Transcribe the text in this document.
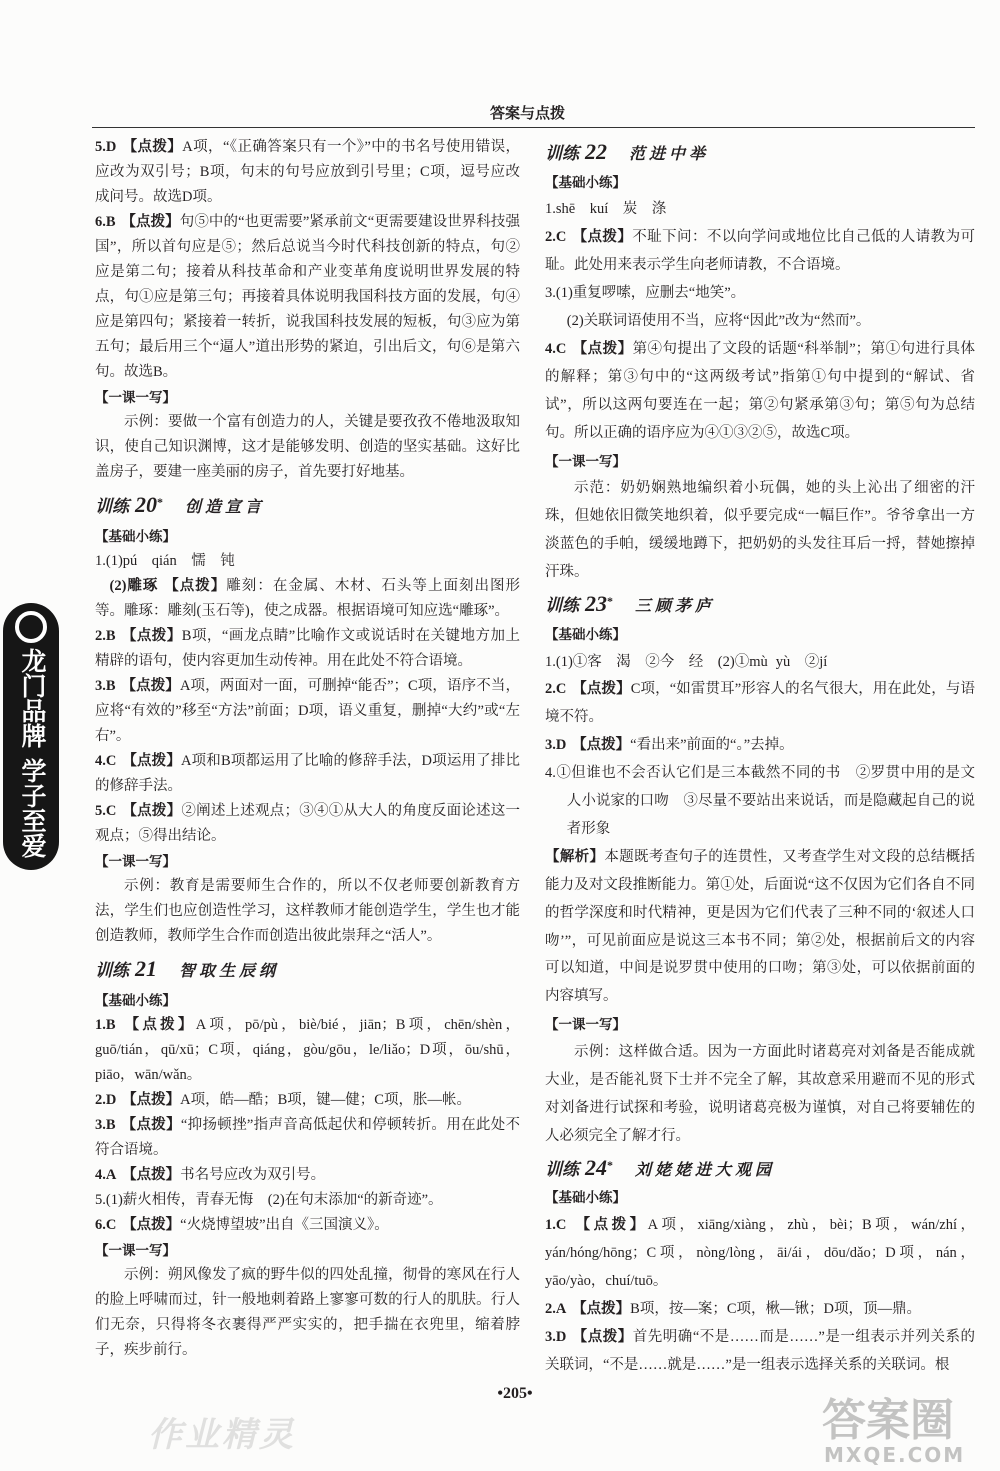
答案与点拨

5.D 【点拨】A项，“《正确答案只有一个》”中的书名号使用错误，应改为双引号；B项，句末的句号应放到引号里；C项，逗号应改成问号。故选D项。

6.B 【点拨】句⑤中的“也更需要”紧承前文“更需要建设世界科技强国”，所以首句应是⑤；然后总说当今时代科技创新的特点，句②应是第二句；接着从科技革命和产业变革角度说明世界发展的特点，句①应是第三句；再接着具体说明我国科技方面的发展，句④应是第四句；紧接着一转折，说我国科技发展的短板，句③应为第五句；最后用三个“逼人”道出形势的紧迫，引出后文，句⑥是第六句。故选B。

【一课一写】

示例：要做一个富有创造力的人，关键是要孜孜不倦地汲取知识，使自己知识渊博，这才是能够发明、创造的坚实基础。这好比盖房子，要建一座美丽的房子，首先要打好地基。

训练 20* 创造宣言

【基础小练】

1.(1)pú　qián　懦　钝

(2)雕琢 【点拨】雕刻：在金属、木材、石头等上面刻出图形等。雕琢：雕刻(玉石等)，使之成器。根据语境可知应选“雕琢”。

2.B 【点拨】B项，“画龙点睛”比喻作文或说话时在关键地方加上精辟的语句，使内容更加生动传神。用在此处不符合语境。

3.B 【点拨】A项，两面对一面，可删掉“能否”；C项，语序不当，应将“有效的”移至“方法”前面；D项，语义重复，删掉“大约”或“左右”。

4.C 【点拨】A项和B项都运用了比喻的修辞手法，D项运用了排比的修辞手法。

5.C 【点拨】②阐述上述观点；③④①从大人的角度反面论述这一观点；⑤得出结论。

【一课一写】

示例：教育是需要师生合作的，所以不仅老师要创新教育方法，学生们也应创造性学习，这样教师才能创造学生，学生也才能创造教师，教师学生合作而创造出彼此崇拜之“活人”。

训练 21 智取生辰纲

【基础小练】

1.B 【点拨】A项，pō/pù，biè/bié，jiān；B项，chēn/shèn，guō/tián，qū/xū；C项，qiáng，gòu/gōu，le/liǎo；D项，ōu/shū，piāo，wān/wǎn。

2.D 【点拨】A项，皓—酷；B项，键—健；C项，胀—帐。

3.B 【点拨】“抑扬顿挫”指声音高低起伏和停顿转折。用在此处不符合语境。

4.A 【点拨】书名号应改为双引号。

5.(1)薪火相传，青春无悔　(2)在句末添加“的新奇迹”。

6.C 【点拨】“火烧博望坡”出自《三国演义》。

【一课一写】

示例：朔风像发了疯的野牛似的四处乱撞，彻骨的寒风在行人的脸上呼啸而过，针一般地刺着路上寥寥可数的行人的肌肤。行人们无奈，只得将冬衣裹得严严实实的，把手揣在衣兜里，缩着脖子，疾步前行。

训练 22 范进中举

【基础小练】

1.shē　kuí　炭　涤

2.C 【点拨】不耻下问：不以向学问或地位比自己低的人请教为可耻。此处用来表示学生向老师请教，不合语境。

3.(1)重复啰嗦，应删去“地笑”。

(2)关联词语使用不当，应将“因此”改为“然而”。

4.C 【点拨】第④句提出了文段的话题“科举制”；第①句进行具体的解释；第③句中的“这两级考试”指第①句中提到的“解试、省试”，所以这两句要连在一起；第②句紧承第③句；第⑤句为总结句。所以正确的语序应为④①③②⑤，故选C项。

【一课一写】

示范：奶奶娴熟地编织着小玩偶，她的头上沁出了细密的汗珠，但她依旧微笑地织着，似乎要完成“一幅巨作”。爷爷拿出一方淡蓝色的手帕，缓缓地蹲下，把奶奶的头发往耳后一捋，替她擦掉汗珠。

训练 23* 三顾茅庐

【基础小练】

1.(1)①客　渴　②今　经　(2)①mù yù　②jí

2.C 【点拨】C项，“如雷贯耳”形容人的名气很大，用在此处，与语境不符。

3.D 【点拨】“看出来”前面的“。”去掉。

4.①但谁也不会否认它们是三本截然不同的书　②罗贯中用的是文人小说家的口吻　③尽量不要站出来说话，而是隐藏起自己的说者形象

【解析】本题既考查句子的连贯性，又考查学生对文段的总结概括能力及对文段推断能力。第①处，后面说“这不仅因为它们各自不同的哲学深度和时代精神，更是因为它们代表了三种不同的‘叙述人口吻’”，可见前面应是说这三本书不同；第②处，根据前后文的内容可以知道，中间是说罗贯中使用的口吻；第③处，可以依据前面的内容填写。

【一课一写】

示例：这样做合适。因为一方面此时诸葛亮对刘备是否能成就大业，是否能礼贤下士并不完全了解，其故意采用避而不见的形式对刘备进行试探和考验，说明诸葛亮极为谨慎，对自己将要辅佐的人必须完全了解才行。

训练 24* 刘姥姥进大观园

【基础小练】

1.C 【点拨】A项，xiāng/xiàng，zhù，bèi；B项，wán/zhí，yán/hóng/hōng；C项，nòng/lòng，āi/ái，dōu/dǎo；D项，nán，yāo/yào，chuí/tuō。

2.A 【点拨】B项，按—案；C项，楸—锹；D项，顶—鼎。

3.D 【点拨】首先明确“不是……而是……”是一组表示并列关系的关联词，“不是……就是……”是一组表示选择关系的关联词。根

•205•
龙门品牌
学子至爱
作业精灵	答案圈
MXQE.COM
